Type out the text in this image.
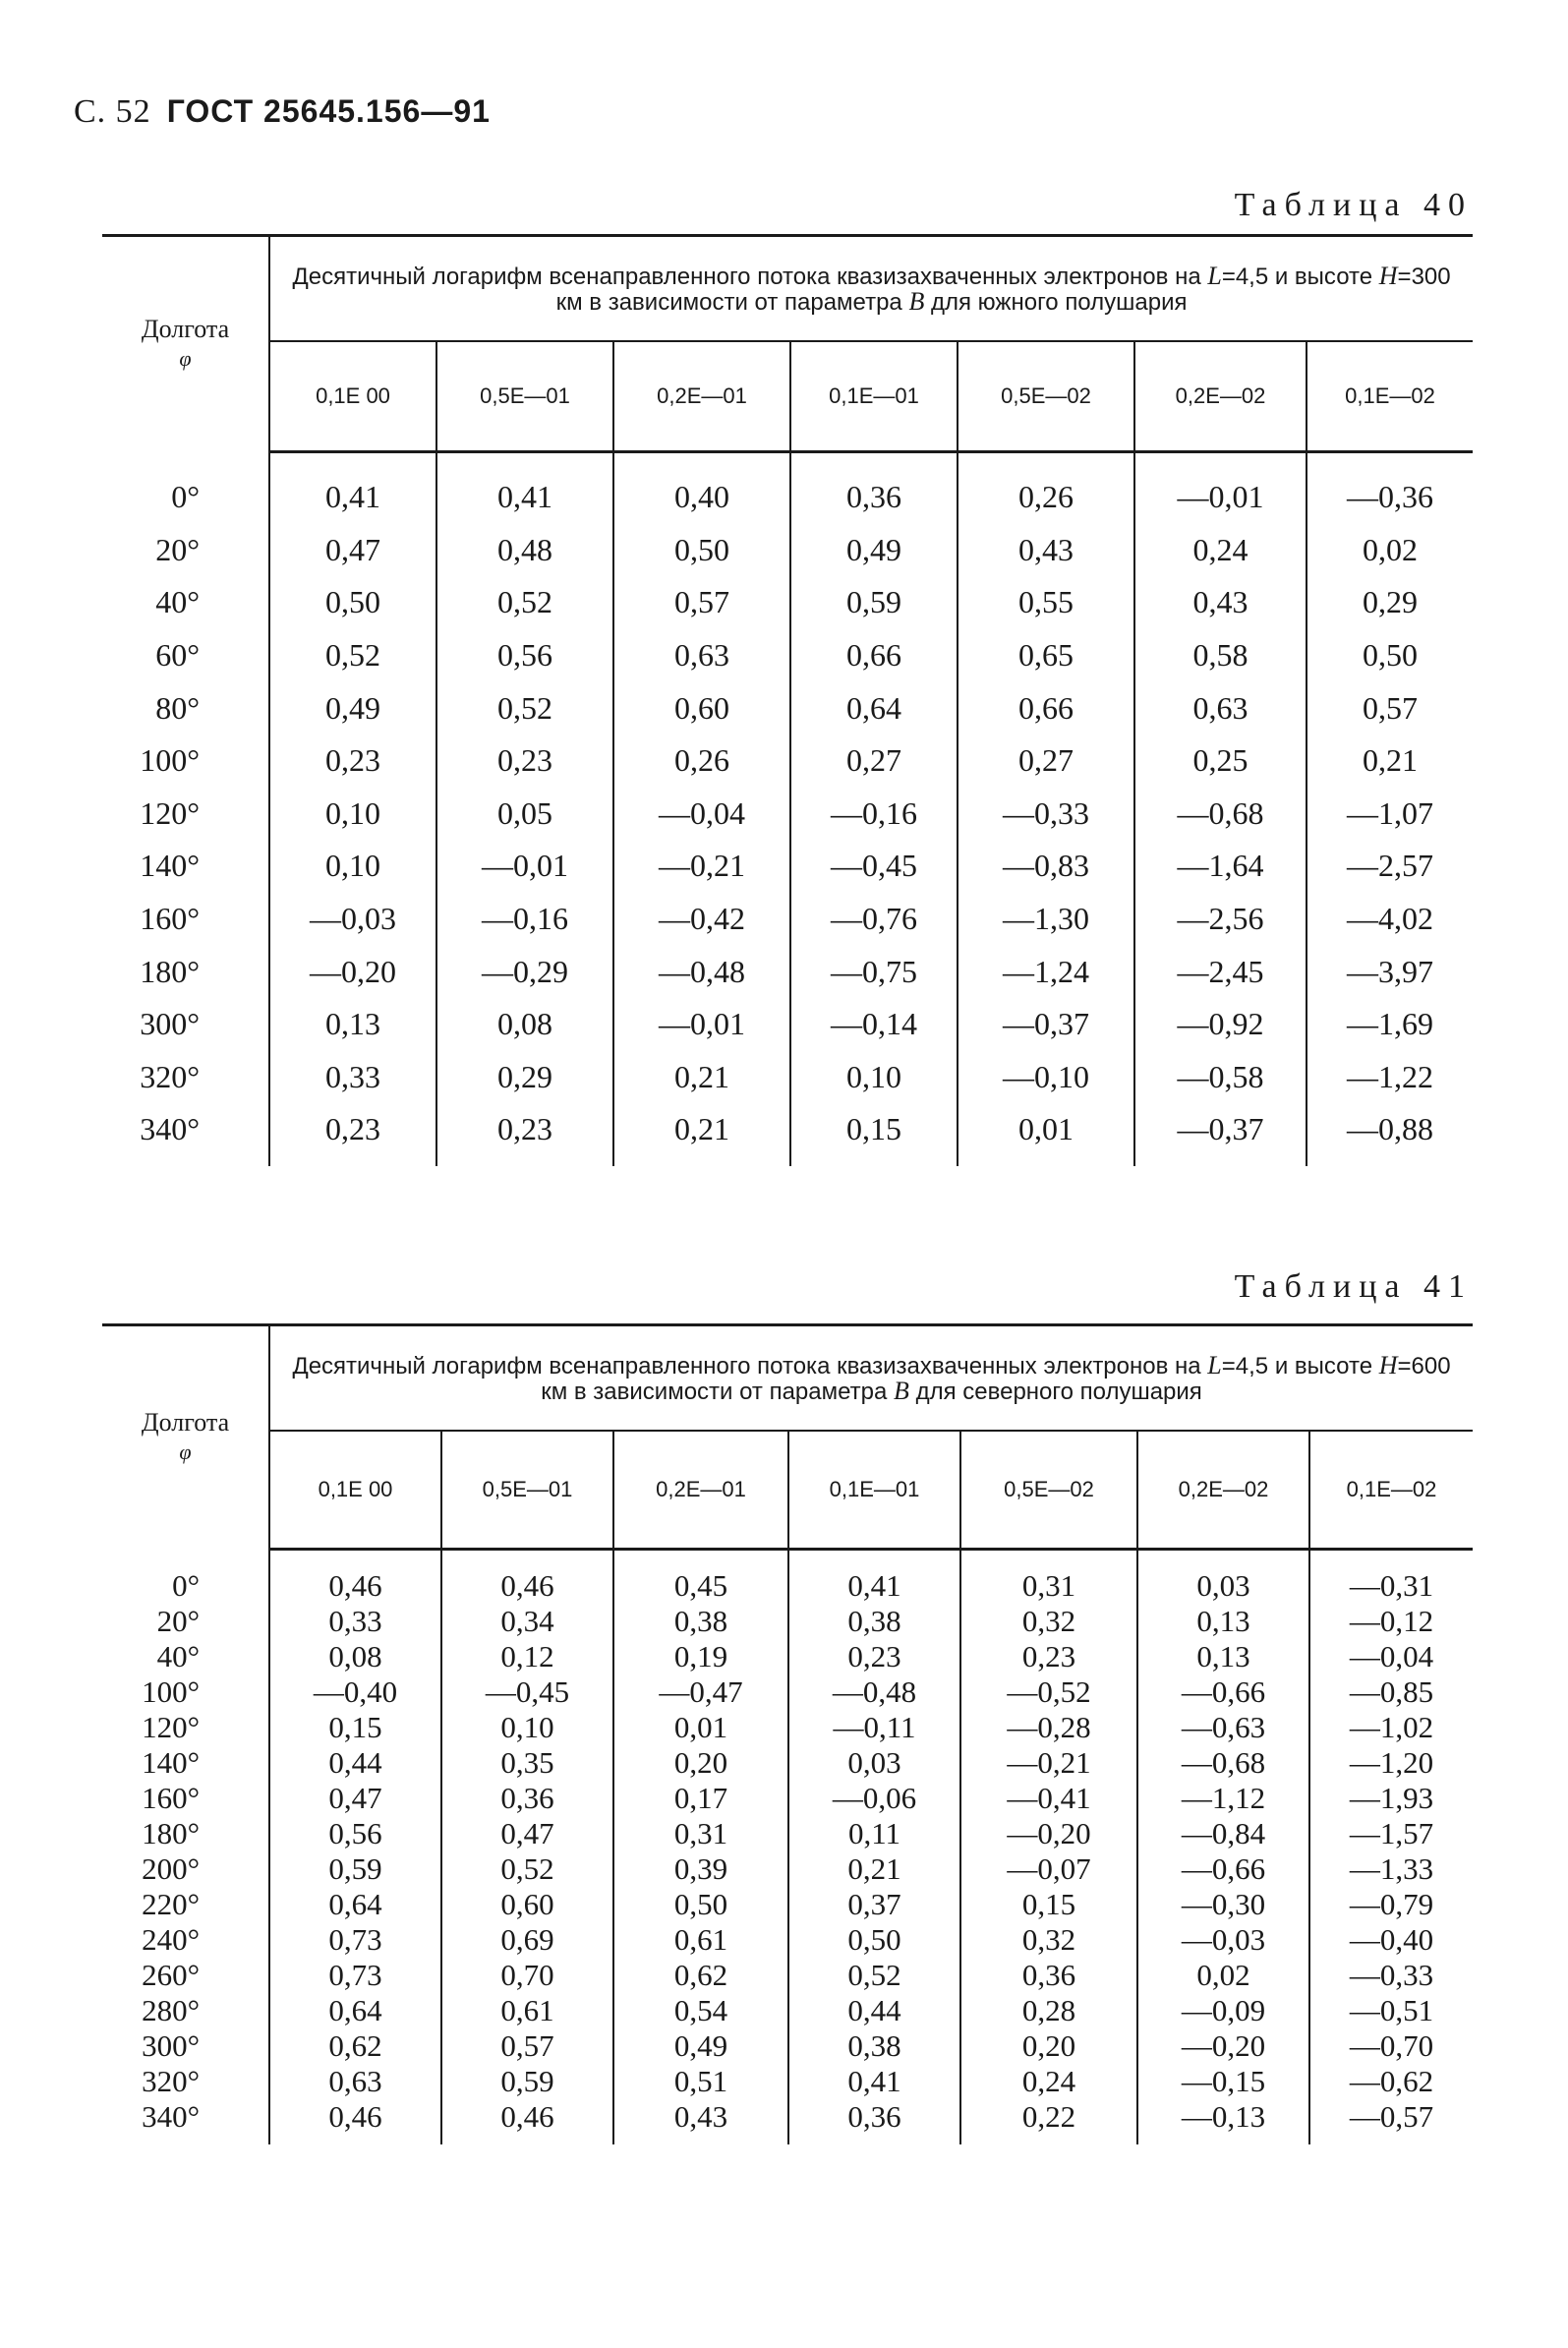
С. 52 ГОСТ 25645.156—91
Таблица 40
Долгота
φ	Десятичный логарифм всенаправленного потока квазизахваченных электронов на L=4,5 и высоте H=300 км в зависимости от параметра B для южного полушария						
	0,1E 00	0,5E—01	0,2E—01	0,1E—01	0,5E—02	0,2E—02	0,1E—02

0°	0,41	0,41	0,40	0,36	0,26	—0,01	—0,36
20°	0,47	0,48	0,50	0,49	0,43	0,24	0,02
40°	0,50	0,52	0,57	0,59	0,55	0,43	0,29
60°	0,52	0,56	0,63	0,66	0,65	0,58	0,50
80°	0,49	0,52	0,60	0,64	0,66	0,63	0,57
100°	0,23	0,23	0,26	0,27	0,27	0,25	0,21
120°	0,10	0,05	—0,04	—0,16	—0,33	—0,68	—1,07
140°	0,10	—0,01	—0,21	—0,45	—0,83	—1,64	—2,57
160°	—0,03	—0,16	—0,42	—0,76	—1,30	—2,56	—4,02
180°	—0,20	—0,29	—0,48	—0,75	—1,24	—2,45	—3,97
300°	0,13	0,08	—0,01	—0,14	—0,37	—0,92	—1,69
320°	0,33	0,29	0,21	0,10	—0,10	—0,58	—1,22
340°	0,23	0,23	0,21	0,15	0,01	—0,37	—0,88

Таблица 41
Долгота
φ	Десятичный логарифм всенаправленного потока квазизахваченных электронов на L=4,5 и высоте H=600 км в зависимости от параметра B для северного полушария						
	0,1E 00	0,5E—01	0,2E—01	0,1E—01	0,5E—02	0,2E—02	0,1E—02

0°	0,46	0,46	0,45	0,41	0,31	0,03	—0,31
20°	0,33	0,34	0,38	0,38	0,32	0,13	—0,12
40°	0,08	0,12	0,19	0,23	0,23	0,13	—0,04
100°	—0,40	—0,45	—0,47	—0,48	—0,52	—0,66	—0,85
120°	0,15	0,10	0,01	—0,11	—0,28	—0,63	—1,02
140°	0,44	0,35	0,20	0,03	—0,21	—0,68	—1,20
160°	0,47	0,36	0,17	—0,06	—0,41	—1,12	—1,93
180°	0,56	0,47	0,31	0,11	—0,20	—0,84	—1,57
200°	0,59	0,52	0,39	0,21	—0,07	—0,66	—1,33
220°	0,64	0,60	0,50	0,37	0,15	—0,30	—0,79
240°	0,73	0,69	0,61	0,50	0,32	—0,03	—0,40
260°	0,73	0,70	0,62	0,52	0,36	0,02	—0,33
280°	0,64	0,61	0,54	0,44	0,28	—0,09	—0,51
300°	0,62	0,57	0,49	0,38	0,20	—0,20	—0,70
320°	0,63	0,59	0,51	0,41	0,24	—0,15	—0,62
340°	0,46	0,46	0,43	0,36	0,22	—0,13	—0,57
